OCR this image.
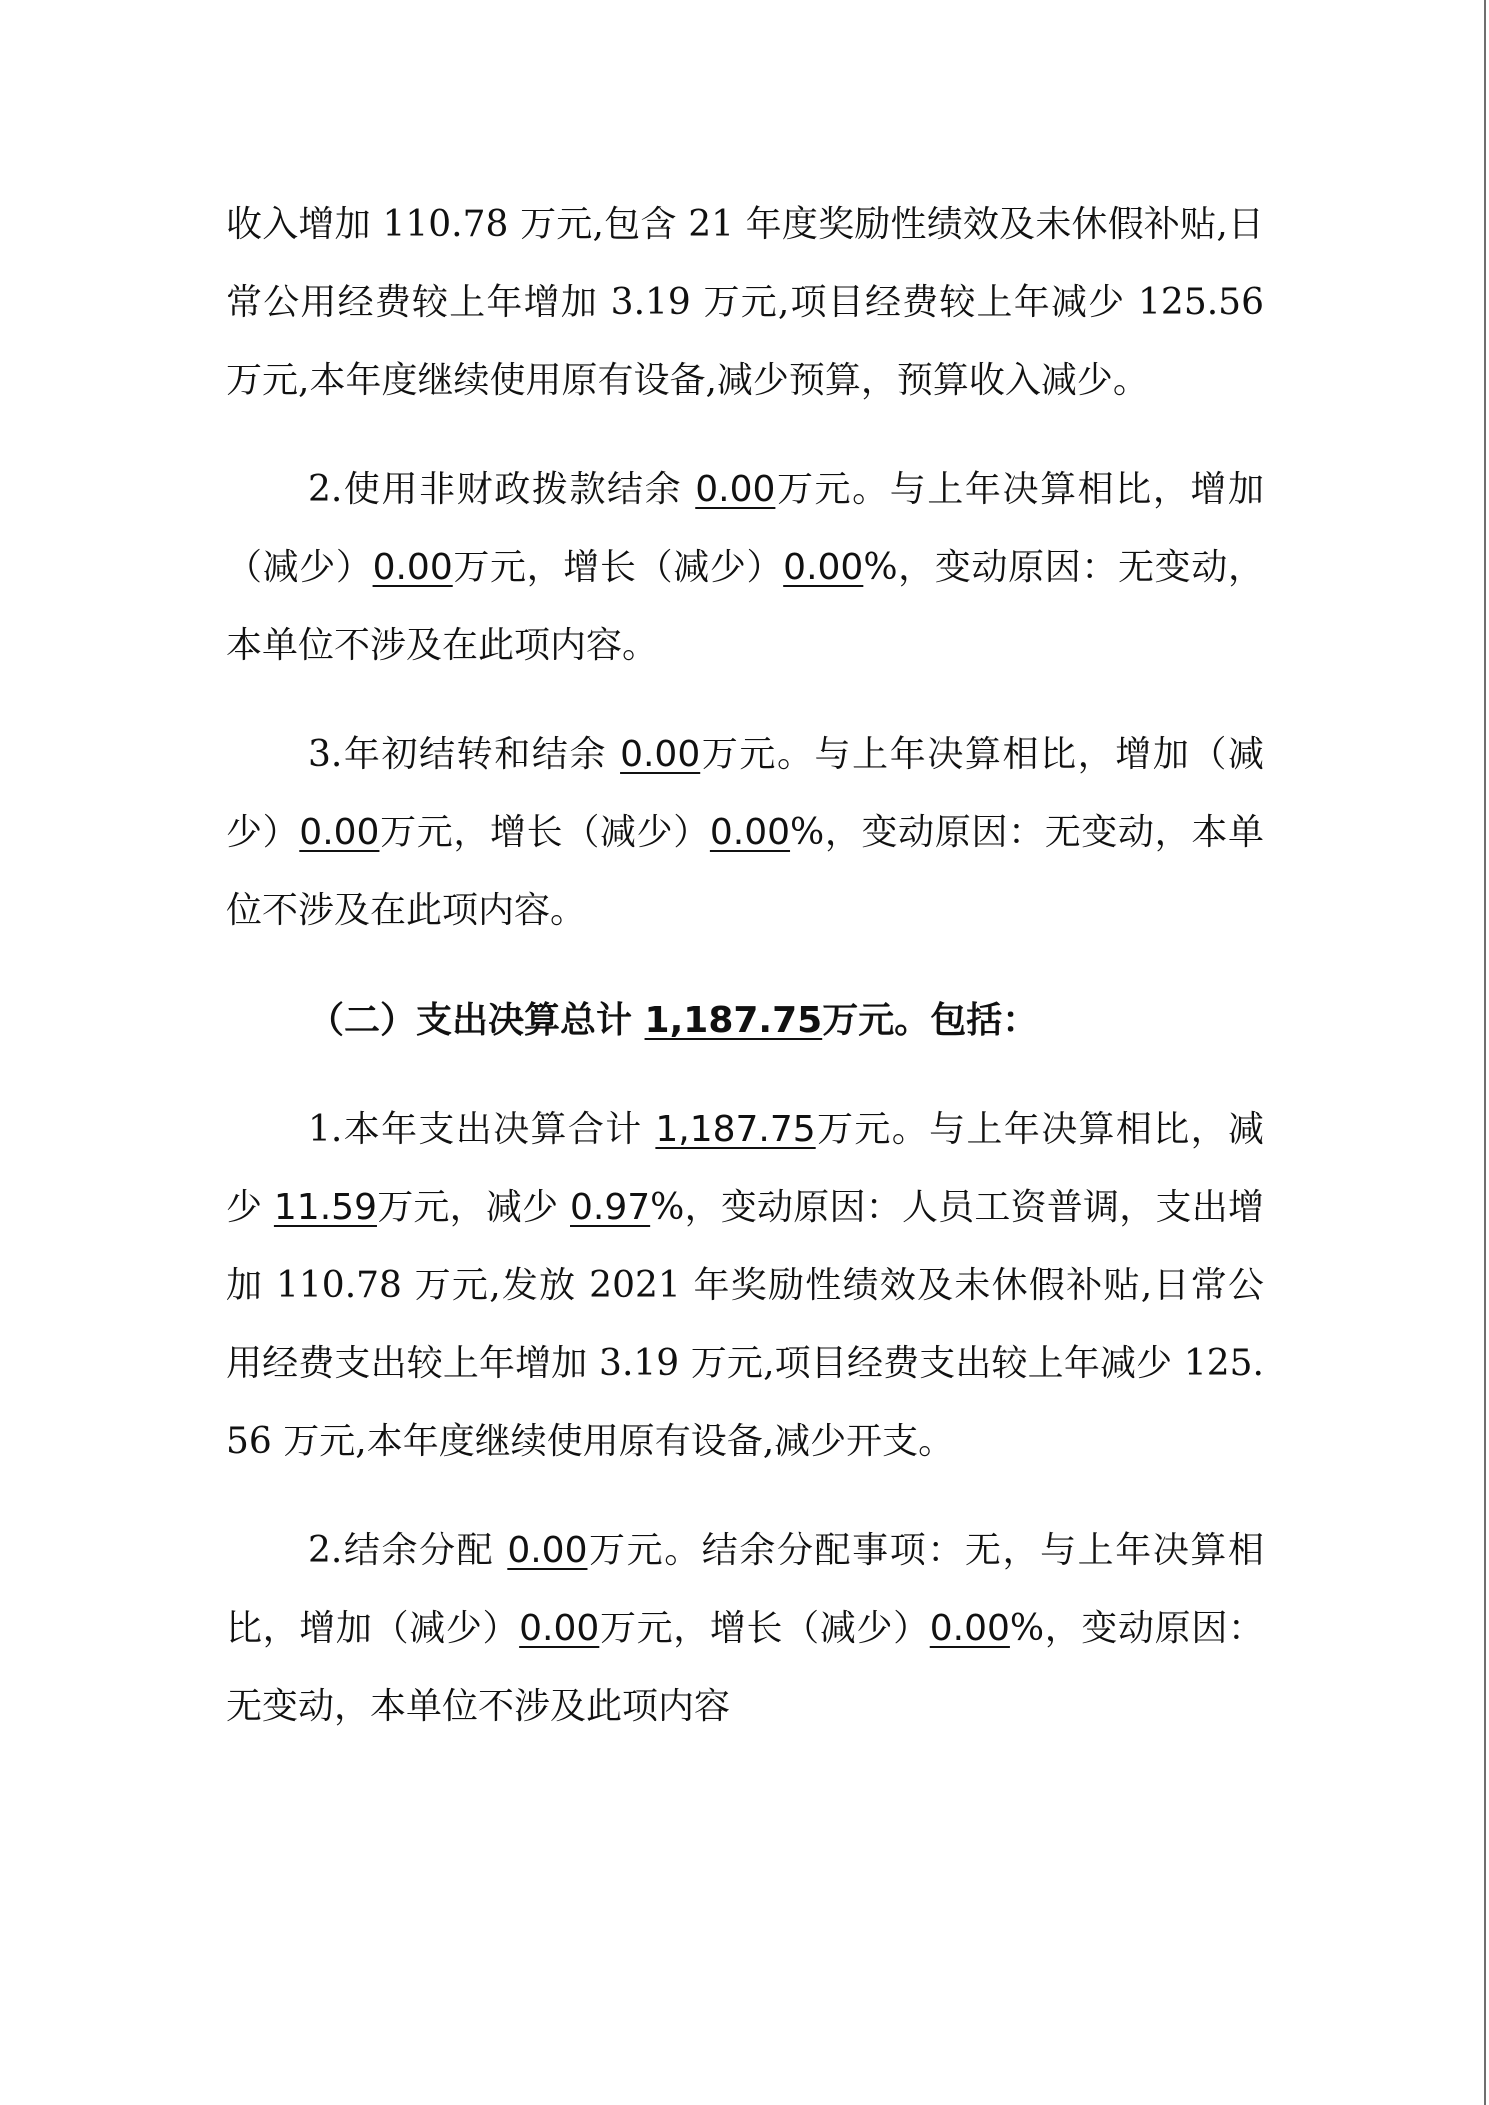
收入增加 110.78 万元,包含 21 年度奖励性绩效及未休假补贴,日常公用经费较上年增加 3.19 万元,项目经费较上年减少 125.56 万元,本年度继续使用原有设备,减少预算，预算收入减少。

2.使用非财政拨款结余 0.00万元。与上年决算相比，增加（减少）0.00万元，增长（减少）0.00%，变动原因：无变动，本单位不涉及在此项内容。

3.年初结转和结余 0.00万元。与上年决算相比，增加（减少）0.00万元，增长（减少）0.00%，变动原因：无变动，本单位不涉及在此项内容。

（二）支出决算总计 1,187.75万元。包括：

1.本年支出决算合计 1,187.75万元。与上年决算相比，减少 11.59万元，减少 0.97%，变动原因：人员工资普调，支出增加 110.78 万元,发放 2021 年奖励性绩效及未休假补贴,日常公用经费支出较上年增加 3.19 万元,项目经费支出较上年减少 125.56 万元,本年度继续使用原有设备,减少开支。

2.结余分配 0.00万元。结余分配事项：无，与上年决算相比，增加（减少）0.00万元，增长（减少）0.00%，变动原因：无变动，本单位不涉及此项内容
